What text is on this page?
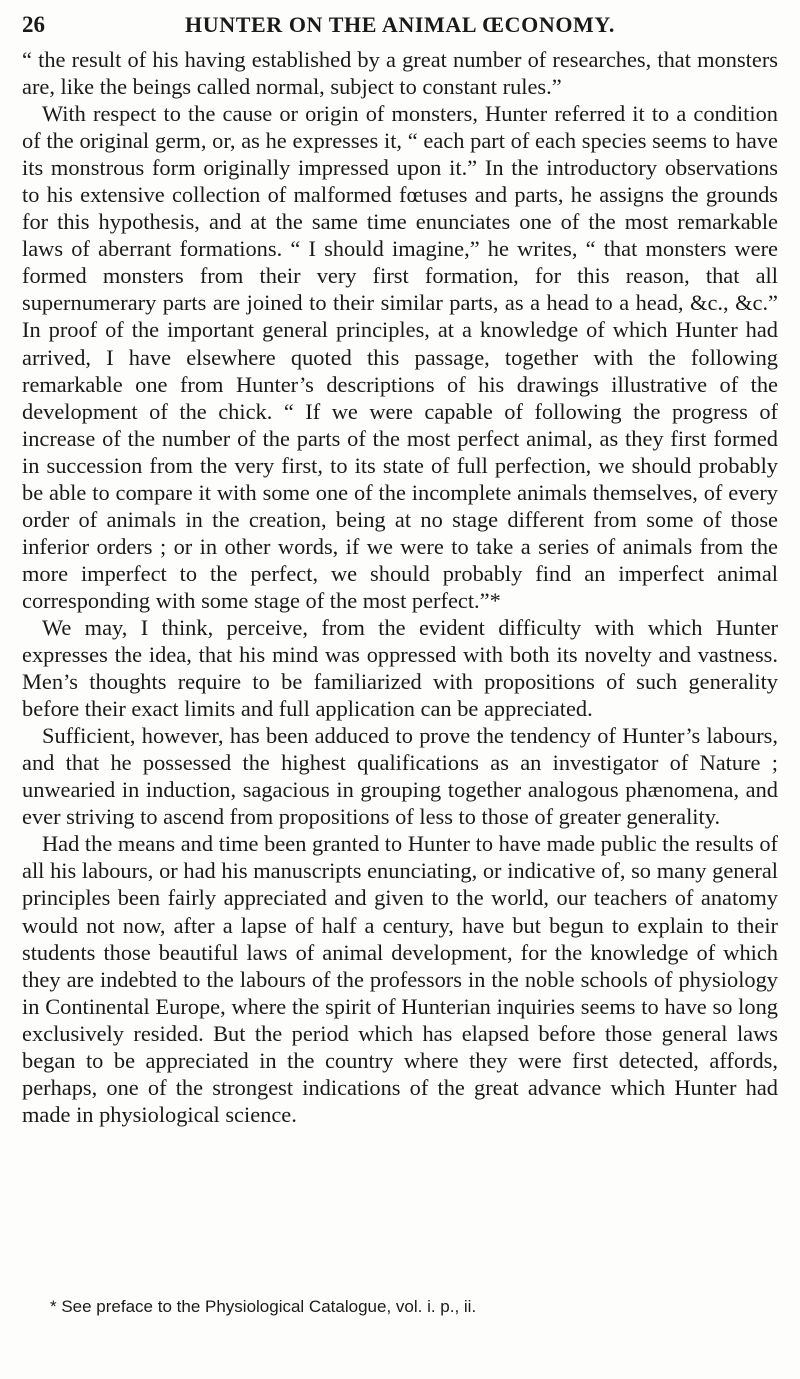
26	HUNTER ON THE ANIMAL ŒCONOMY.

“ the result of his having established by a great number of researches, that monsters are, like the beings called normal, subject to constant rules.”

With respect to the cause or origin of monsters, Hunter referred it to a condition of the original germ, or, as he expresses it, “ each part of each species seems to have its monstrous form originally impressed upon it.” In the introductory observations to his extensive collection of malformed fœtuses and parts, he assigns the grounds for this hypothesis, and at the same time enunciates one of the most remarkable laws of aberrant formations. “ I should imagine,” he writes, “ that monsters were formed monsters from their very first formation, for this reason, that all supernumerary parts are joined to their similar parts, as a head to a head, &c., &c.” In proof of the important general principles, at a knowledge of which Hunter had arrived, I have elsewhere quoted this passage, together with the following remarkable one from Hunter’s descriptions of his drawings illustrative of the development of the chick. “ If we were capable of following the progress of increase of the number of the parts of the most perfect animal, as they first formed in succession from the very first, to its state of full perfection, we should probably be able to compare it with some one of the incomplete animals themselves, of every order of animals in the creation, being at no stage different from some of those inferior orders ; or in other words, if we were to take a series of animals from the more imperfect to the perfect, we should probably find an imperfect animal corresponding with some stage of the most perfect.”*

We may, I think, perceive, from the evident difficulty with which Hunter expresses the idea, that his mind was oppressed with both its novelty and vastness. Men’s thoughts require to be familiarized with propositions of such generality before their exact limits and full application can be appreciated.

Sufficient, however, has been adduced to prove the tendency of Hunter’s labours, and that he possessed the highest qualifications as an investigator of Nature ; unwearied in induction, sagacious in grouping together analogous phænomena, and ever striving to ascend from propositions of less to those of greater generality.

Had the means and time been granted to Hunter to have made public the results of all his labours, or had his manuscripts enunciating, or indicative of, so many general principles been fairly appreciated and given to the world, our teachers of anatomy would not now, after a lapse of half a century, have but begun to explain to their students those beautiful laws of animal development, for the knowledge of which they are indebted to the labours of the professors in the noble schools of physiology in Continental Europe, where the spirit of Hunterian inquiries seems to have so long exclusively resided. But the period which has elapsed before those general laws began to be appreciated in the country where they were first detected, affords, perhaps, one of the strongest indications of the great advance which Hunter had made in physiological science.

* See preface to the Physiological Catalogue, vol. i. p., ii.
